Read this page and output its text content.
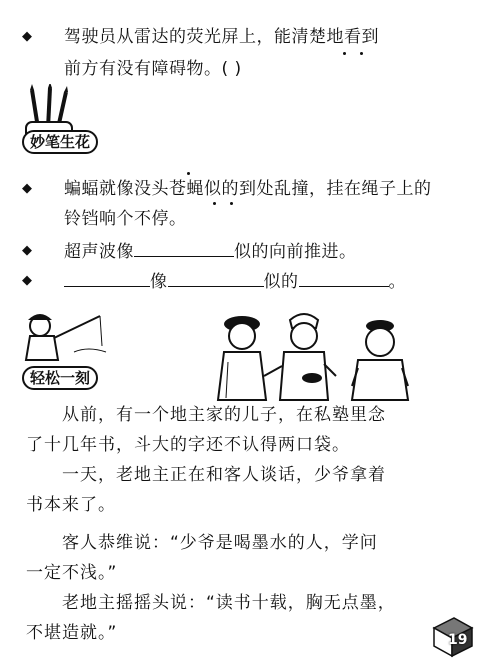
◆ 驾驶员从雷达的荧光屏上，能清楚地看到
前方有没有障碍物。( )
妙笔生花
◆ 蝙蝠就像没头苍蝇似的到处乱撞，挂在绳子上的
铃铛响个不停。
◆ 超声波像	似的向前推进。
◆	像	似的	。
轻松一刻
从前，有一个地主家的儿子，在私塾里念
了十几年书，斗大的字还不认得两口袋。
一天，老地主正在和客人谈话，少爷拿着
书本来了。
客人恭维说：“少爷是喝墨水的人，学问
一定不浅。”
老地主摇摇头说：“读书十载，胸无点墨，
不堪造就。”	19
